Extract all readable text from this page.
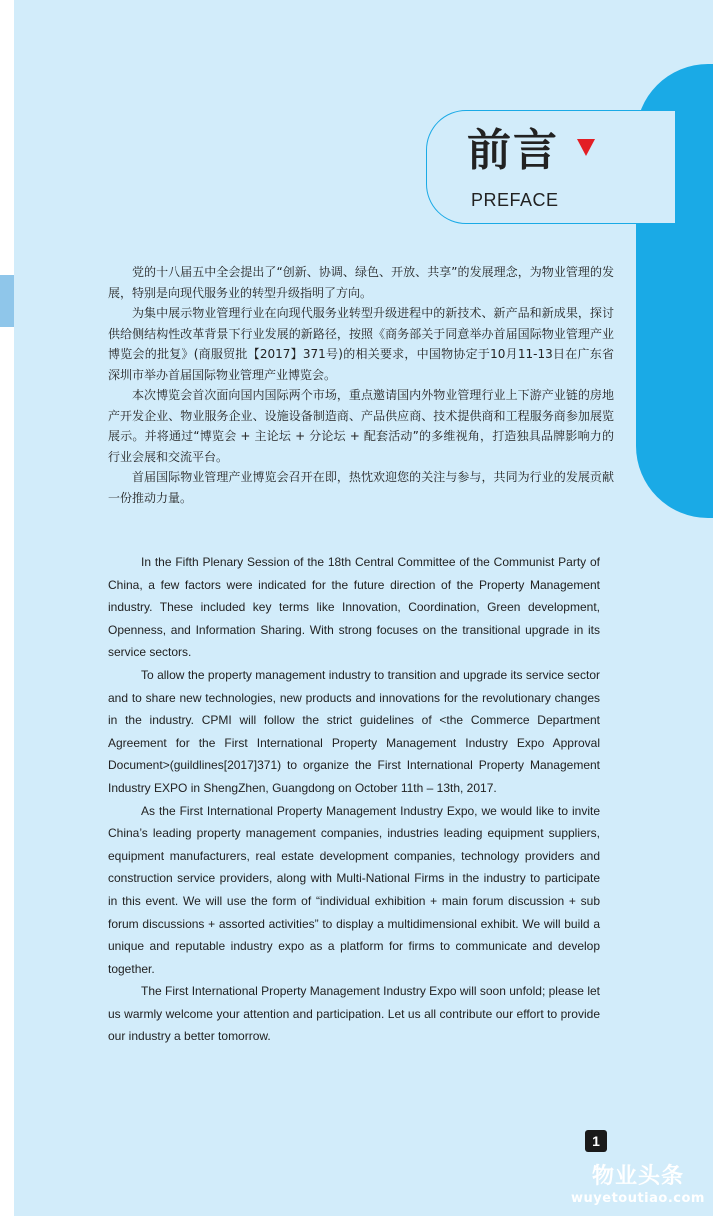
前言
PREFACE

党的十八届五中全会提出了“创新、协调、绿色、开放、共享”的发展理念，为物业管理的发展，特别是向现代服务业的转型升级指明了方向。

为集中展示物业管理行业在向现代服务业转型升级进程中的新技术、新产品和新成果，探讨供给侧结构性改革背景下行业发展的新路径，按照《商务部关于同意举办首届国际物业管理产业博览会的批复》(商服贸批【2017】371号)的相关要求，中国物协定于10月11-13日在广东省深圳市举办首届国际物业管理产业博览会。

本次博览会首次面向国内国际两个市场，重点邀请国内外物业管理行业上下游产业链的房地产开发企业、物业服务企业、设施设备制造商、产品供应商、技术提供商和工程服务商参加展览展示。并将通过“博览会 + 主论坛 + 分论坛 + 配套活动”的多维视角，打造独具品牌影响力的行业会展和交流平台。

首届国际物业管理产业博览会召开在即，热忱欢迎您的关注与参与，共同为行业的发展贡献一份推动力量。

In the Fifth Plenary Session of the 18th Central Committee of the Communist Party of China, a few factors were indicated for the future direction of the Property Management industry. These included key terms like Innovation, Coordination, Green development, Openness, and Information Sharing. With strong focuses on the transitional upgrade in its service sectors.

To allow the property management industry to transition and upgrade its service sector and to share new technologies, new products and innovations for the revolutionary changes in the industry. CPMI will follow the strict guidelines of <the Commerce Department Agreement for the First International Property Management Industry Expo Approval Document>(guildlines[2017]371) to organize the First International Property Management Industry EXPO in ShengZhen, Guangdong on October 11th – 13th, 2017.

As the First International Property Management Industry Expo, we would like to invite China’s leading property management companies, industries leading equipment suppliers, equipment manufacturers, real estate development companies, technology providers and construction service providers, along with Multi-National Firms in the industry to participate in this event. We will use the form of “individual exhibition + main forum discussion + sub forum discussions + assorted activities” to display a multidimensional exhibit. We will build a unique and reputable industry expo as a platform for firms to communicate and develop together.

The First International Property Management Industry Expo will soon unfold; please let us warmly welcome your attention and participation. Let us all contribute our effort to provide our industry a better tomorrow.

1
物业头条
wuyetoutiao.com
